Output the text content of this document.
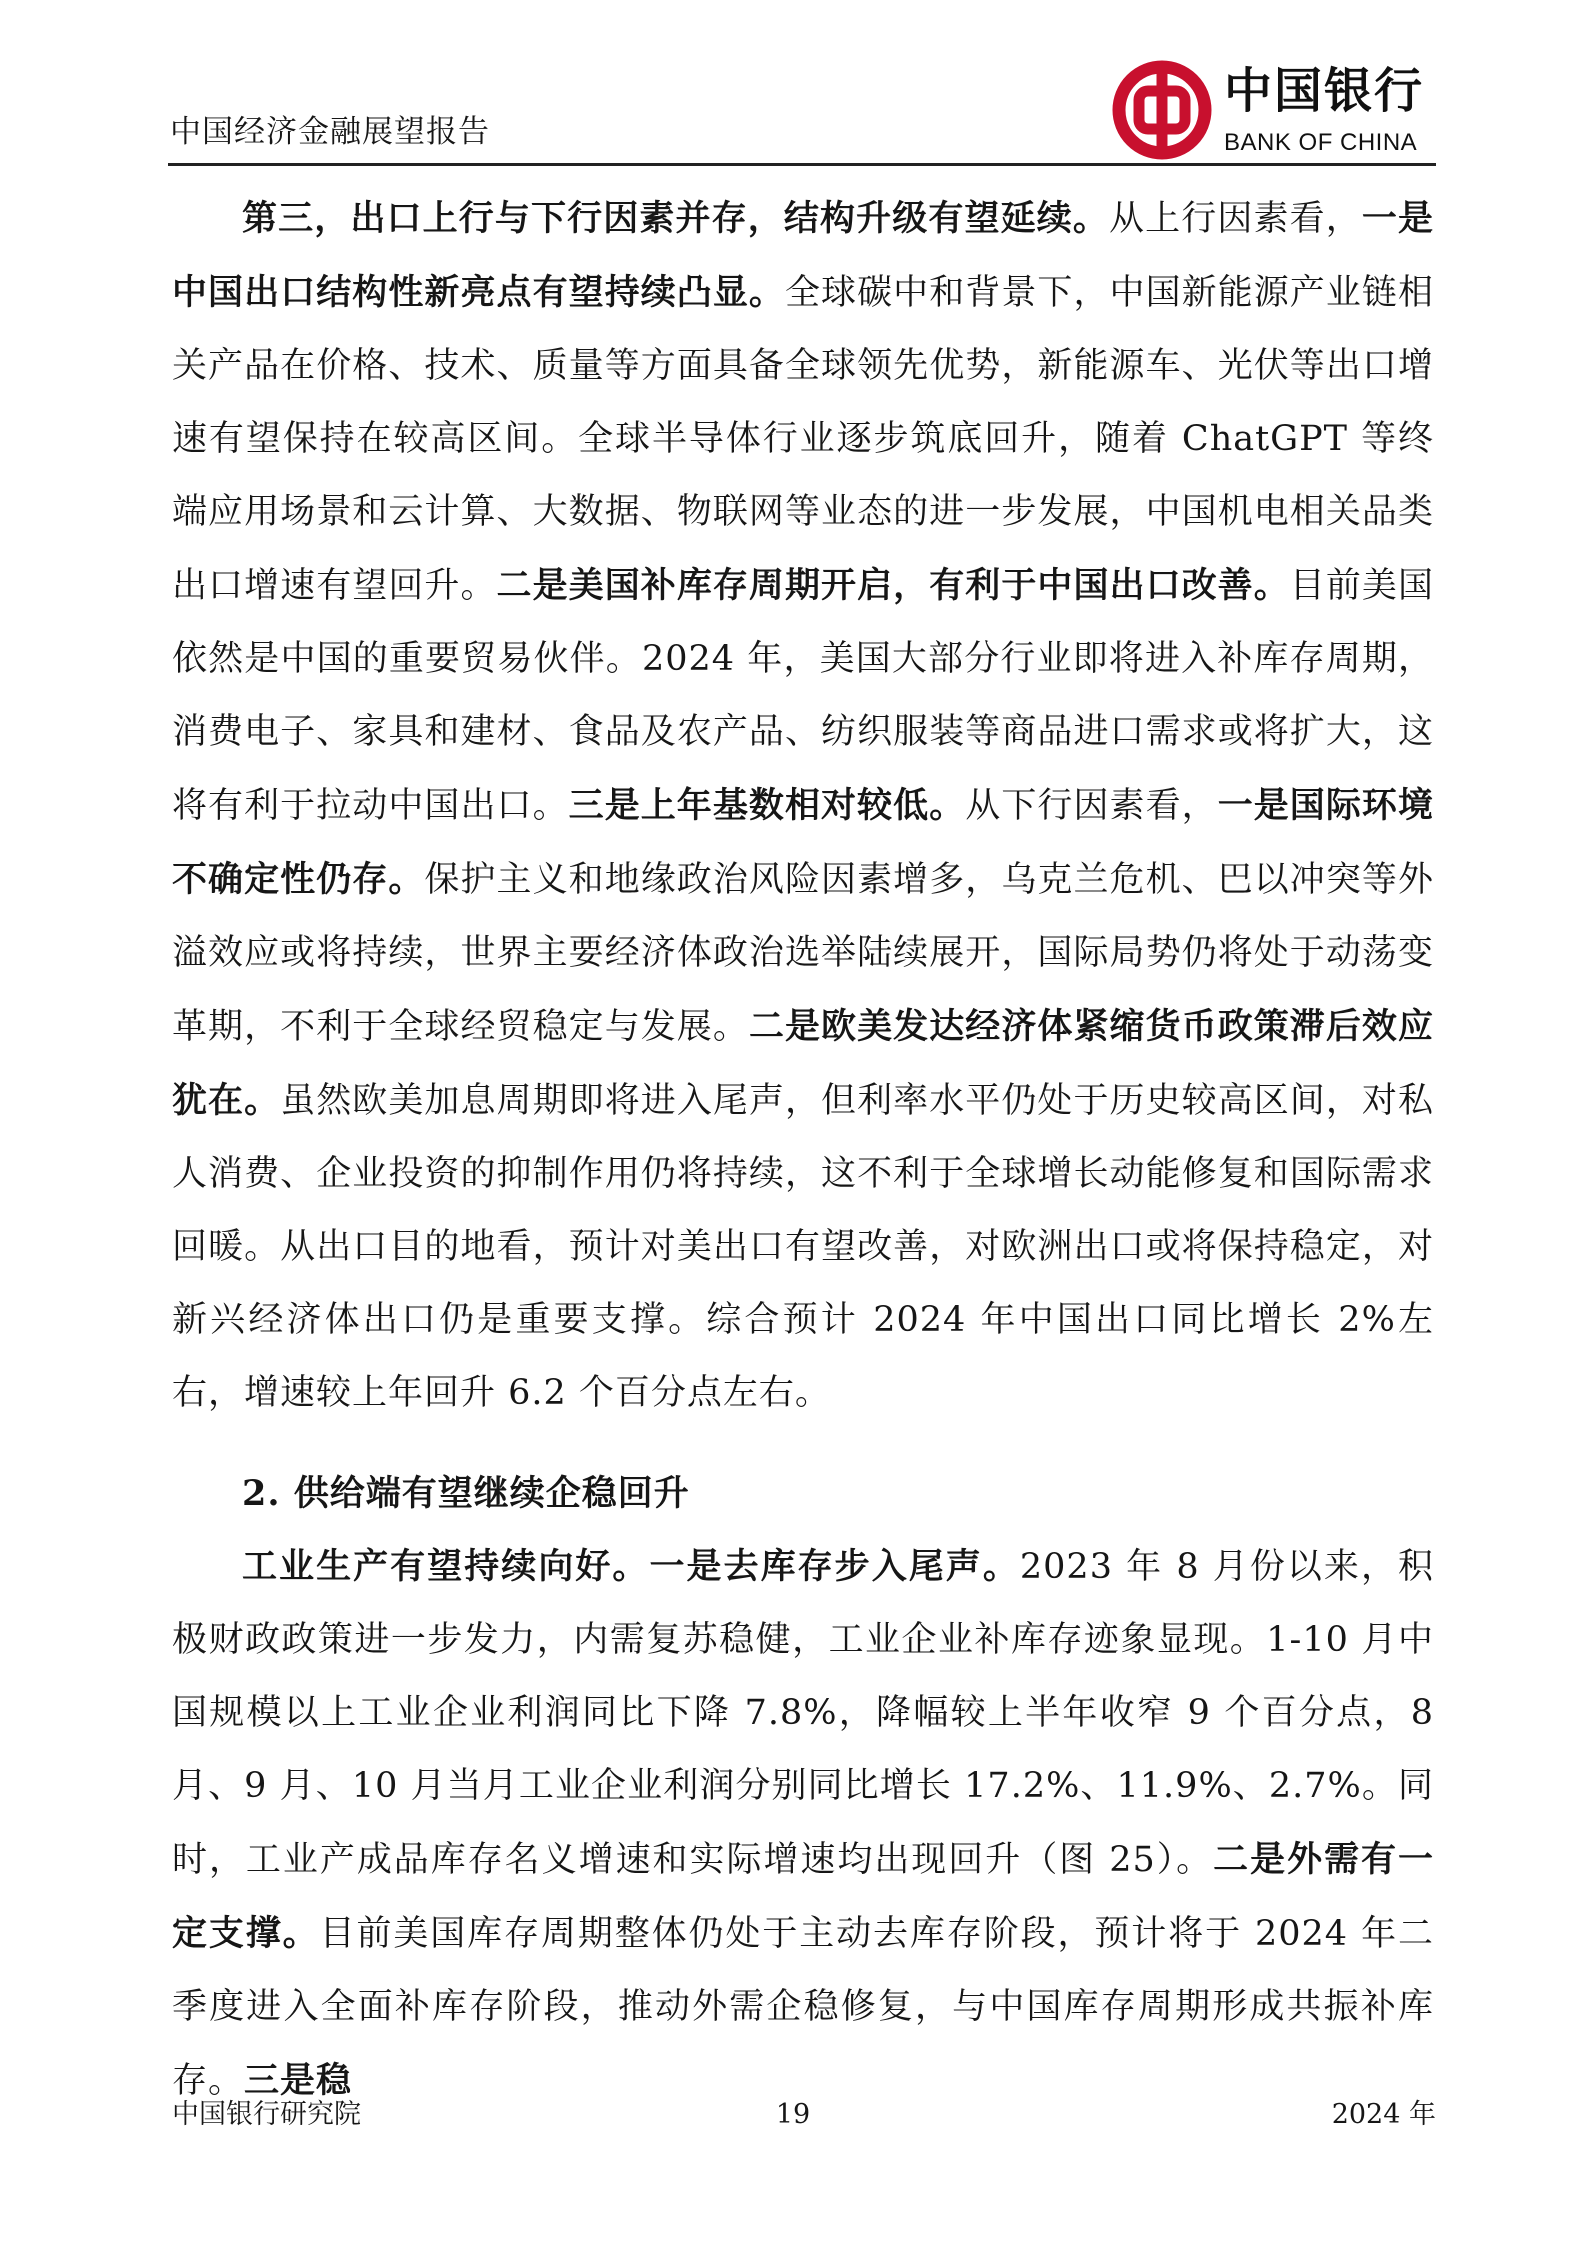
中国经济金融展望报告
中国银行
BANK OF CHINA

第三，出口上行与下行因素并存，结构升级有望延续。从上行因素看，一是中国出口结构性新亮点有望持续凸显。全球碳中和背景下，中国新能源产业链相关产品在价格、技术、质量等方面具备全球领先优势，新能源车、光伏等出口增速有望保持在较高区间。全球半导体行业逐步筑底回升，随着 ChatGPT 等终端应用场景和云计算、大数据、物联网等业态的进一步发展，中国机电相关品类出口增速有望回升。二是美国补库存周期开启，有利于中国出口改善。目前美国依然是中国的重要贸易伙伴。2024 年，美国大部分行业即将进入补库存周期，消费电子、家具和建材、食品及农产品、纺织服装等商品进口需求或将扩大，这将有利于拉动中国出口。三是上年基数相对较低。从下行因素看，一是国际环境不确定性仍存。保护主义和地缘政治风险因素增多，乌克兰危机、巴以冲突等外溢效应或将持续，世界主要经济体政治选举陆续展开，国际局势仍将处于动荡变革期，不利于全球经贸稳定与发展。二是欧美发达经济体紧缩货币政策滞后效应犹在。虽然欧美加息周期即将进入尾声，但利率水平仍处于历史较高区间，对私人消费、企业投资的抑制作用仍将持续，这不利于全球增长动能修复和国际需求回暖。从出口目的地看，预计对美出口有望改善，对欧洲出口或将保持稳定，对新兴经济体出口仍是重要支撑。综合预计 2024 年中国出口同比增长 2%左右，增速较上年回升 6.2 个百分点左右。

2. 供给端有望继续企稳回升

工业生产有望持续向好。一是去库存步入尾声。2023 年 8 月份以来，积极财政政策进一步发力，内需复苏稳健，工业企业补库存迹象显现。1-10 月中国规模以上工业企业利润同比下降 7.8%，降幅较上半年收窄 9 个百分点，8 月、9 月、10 月当月工业企业利润分别同比增长 17.2%、11.9%、2.7%。同时，工业产成品库存名义增速和实际增速均出现回升（图 25）。二是外需有一定支撑。目前美国库存周期整体仍处于主动去库存阶段，预计将于 2024 年二季度进入全面补库存阶段，推动外需企稳修复，与中国库存周期形成共振补库存。三是稳

中国银行研究院	19	2024 年
